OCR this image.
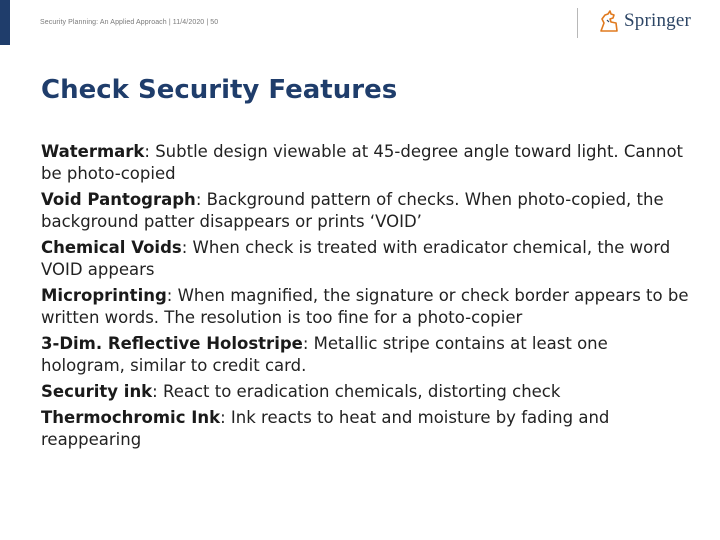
Security Planning: An Applied Approach | 11/4/2020 | 50	Springer
Check Security Features

Watermark: Subtle design viewable at 45-degree angle toward light. Cannot be photo-copied

Void Pantograph: Background pattern of checks. When photo-copied, the background patter disappears or prints ‘VOID’

Chemical Voids: When check is treated with eradicator chemical, the word VOID appears

Microprinting: When magnified, the signature or check border appears to be written words. The resolution is too fine for a photo-copier

3-Dim. Reflective Holostripe: Metallic stripe contains at least one hologram, similar to credit card.

Security ink: React to eradication chemicals, distorting check

Thermochromic Ink: Ink reacts to heat and moisture by fading and reappearing
